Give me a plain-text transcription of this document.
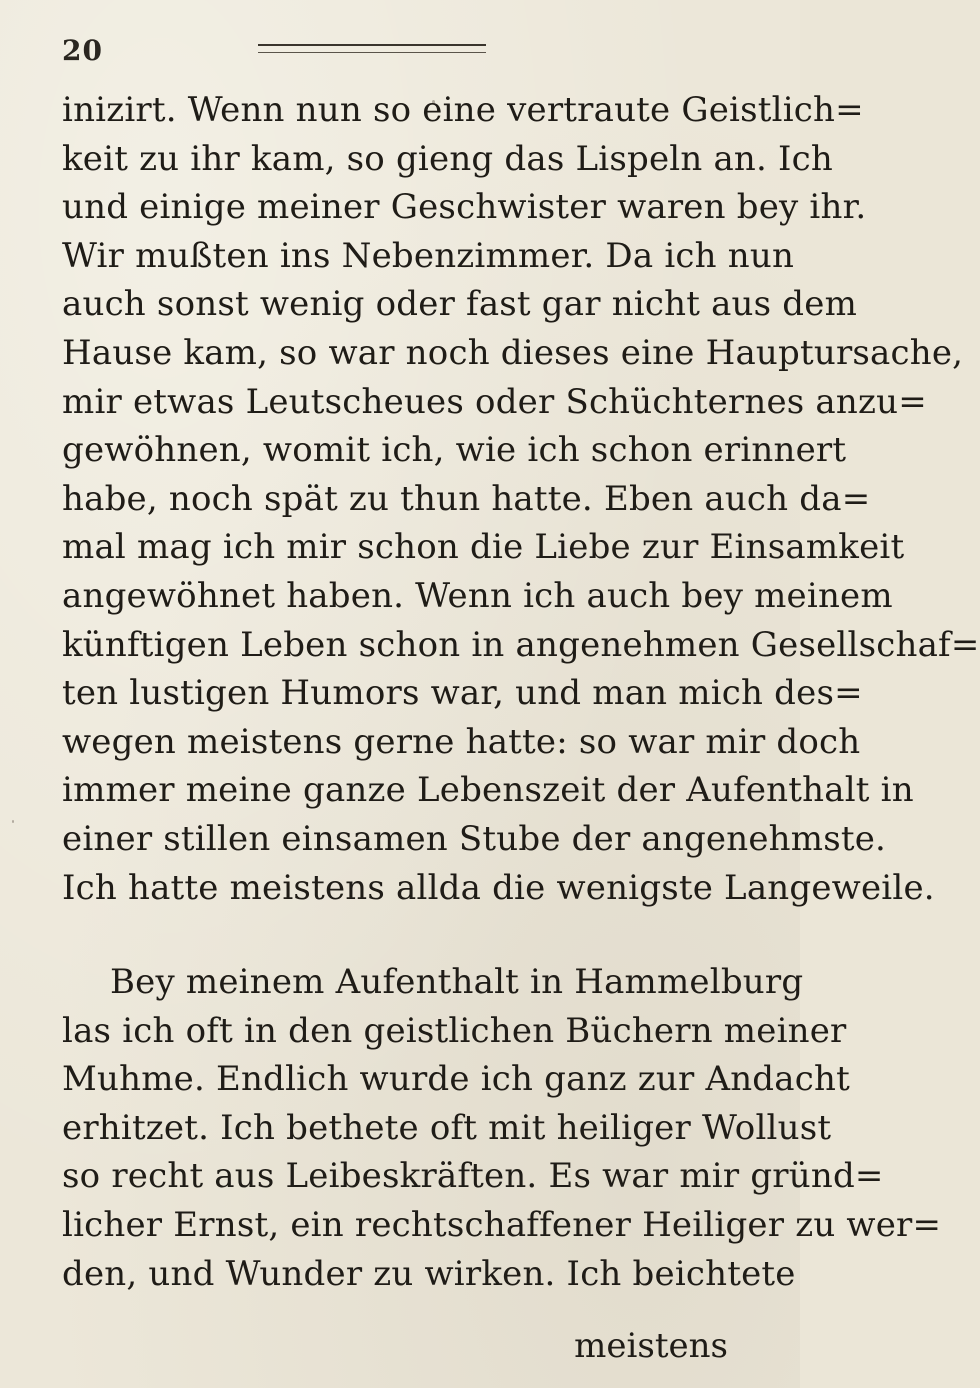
20
inizirt. Wenn nun so eine vertraute Geistlich=
keit zu ihr kam, so gieng das Lispeln an. Ich
und einige meiner Geschwister waren bey ihr.
Wir mußten ins Nebenzimmer. Da ich nun
auch sonst wenig oder fast gar nicht aus dem
Hause kam, so war noch dieses eine Hauptursache,
mir etwas Leutscheues oder Schüchternes anzu=
gewöhnen, womit ich, wie ich schon erinnert
habe, noch spät zu thun hatte. Eben auch da=
mal mag ich mir schon die Liebe zur Einsamkeit
angewöhnet haben. Wenn ich auch bey meinem
künftigen Leben schon in angenehmen Gesellschaf=
ten lustigen Humors war, und man mich des=
wegen meistens gerne hatte: so war mir doch
immer meine ganze Lebenszeit der Aufenthalt in
einer stillen einsamen Stube der angenehmste.
Ich hatte meistens allda die wenigste Langeweile.
Bey meinem Aufenthalt in Hammelburg
las ich oft in den geistlichen Büchern meiner
Muhme. Endlich wurde ich ganz zur Andacht
erhitzet. Ich bethete oft mit heiliger Wollust
so recht aus Leibeskräften. Es war mir gründ=
licher Ernst, ein rechtschaffener Heiliger zu wer=
den, und Wunder zu wirken. Ich beichtete
meistens
